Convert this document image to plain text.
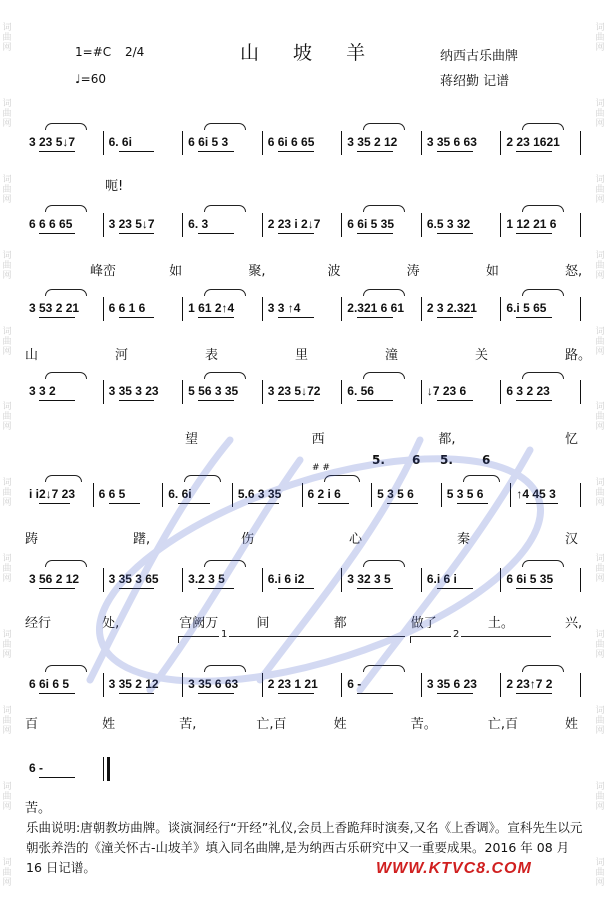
词
曲
网
词
曲
网
词
曲
网
词
曲
网
词
曲
网
词
曲
网
词
曲
网
词
曲
网
词
曲
网
词
曲
网
词
曲
网
词
曲
网
词
曲
网
词
曲
网
词
曲
网
词
曲
网
词
曲
网
词
曲
网
词
曲
网
词
曲
网
词
曲
网
词
曲
网
词
曲
网
词
曲
网
山 坡 羊
1=#C 2/4
♩=60
纳西古乐曲牌
蒋绍勤 记谱
3 23 5↓7	6. 6i	6 6i 5 3	6 6i 6 65	3 35 2 12 3 35 6 63 2 23 1621
6 6 6 65	3 23 5↓7	6. 3	2 23 i 2↓7 6 6i 5 35	6.5 3 32	1 12 21 6
3 53 2 21 6 6 1 6	1 61 2↑4	3 3 ↑4	2.321 6 61 2 3 2.321 6.i 5 65
3 3 2	3 35 3 23 5 56 3 35 3 23 5↓72 6. 56	↓7 23 6	6 3 2 23
i i2↓7 23 6 6 5	6. 6i	5.6 3 35 6 2 i 6	5 3 5 6	5 3 5 6	↑4 45 3
3 56 2 12 3 35 3 65 3.2 3 5	6.i 6 i2	3 32 3 5	6.i 6 i	6 6i 5 35
6 6i 6 5	3 35 2 12 3 35 6 63 2 23 1 21 6 -	3 35 6 23 2 23↑7 2
6 -
5. 6 5. 6
# #
1	2
呃!
峰峦	如	聚,	波	涛	如	怒,
山	河	表	里	潼	关	路。
望	西	都,	忆
踌	躇,	伤	心	秦	汉
经行	处,	宫阙万	间	都	做了	土。	兴,
百	姓	苦,	亡,百	姓	苦。	亡,百	姓
苦。
乐曲说明:唐朝教坊曲牌。谈演洞经行“开经”礼仪,会员上香跪拜时演奏,又名《上香调》。宣科先生以元朝张养浩的《潼关怀古-山坡羊》填入同名曲牌,是为纳西古乐研究中又一重要成果。2016 年 08 月 16 日记谱。	WWW.KTVC8.COM
